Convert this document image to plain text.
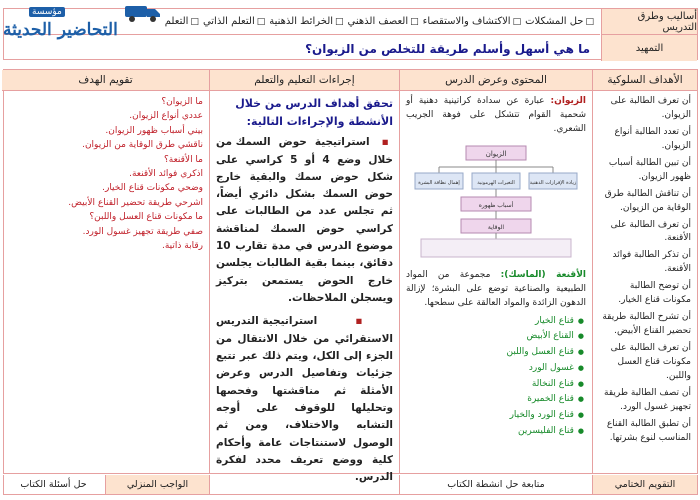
أساليب وطرق التدريس
□ حل المشكلات
□ الاكتشاف والاستقصاء
□ العصف الذهني
□ الخرائط الذهنية
□ التعلم الذاتي
□ التعلم
التمهيد
ما هي أسهل وأسلم طريقة للتخلص من الزيوان؟
مؤسسة
التحاضير الحديثة
الأهداف السلوكية
أن تعرف الطالبة على الزيوان.
أن تعدد الطالبة أنواع الزيوان.
أن تبين الطالبة أسباب ظهور الزيوان.
أن تناقش الطالبة طرق الوقاية من الزيوان.
أن تعرف الطالبة على الأقنعة.
أن تذكر الطالبة فوائد الأقنعة.
أن توضح الطالبة مكونات قناع الخيار.
أن تشرح الطالبة طريقة تحضير القناع الأبيض.
أن تعرف الطالبة على مكونات قناع العسل واللبن.
أن تصف الطالبة طريقة تجهيز غسول الورد.
أن تطبق الطالبة القناع المناسب لنوع بشرتها.
المحتوى وعرض الدرس

الزيوان: عبارة عن سدادة كراتينية دهنية أو شحمية القوام تتشكل على فوهة الجريب الشعري.

الزيوان
إهمال نظافة البشرة	التغيرات الهرمونية	زيادة الإفرازات الدهنية
أسباب ظهوره
الوقاية

الأقنعة (الماسك): مجموعة من المواد الطبيعية والصناعية توضع على البشرة؛ لإزالة الدهون الزائدة والمواد العالقة على سطحها.

● قناع الخيار
● القناع الأبيض
● قناع العسل واللبن
● غسول الورد
● قناع النخالة
● قناع الخميرة
● قناع الورد والخيار
● قناع الفليسرين
إجراءات التعليم والتعلم
تحقق أهداف الدرس من خلال الأنشطة والإجراءات التالية:
▪ استراتيجية حوض السمك من خلال وضع 4 أو 5 كراسي على شكل حوض سمك والبقية خارج حوض السمك بشكل دائري أيضاً، ثم تجلس عدد من الطالبات على كراسي حوض السمك لمناقشة موضوع الدرس في مدة تقارب 10 دقائق، بينما بقية الطالبات يجلسن خارج الحوض يستمعن بتركيز ويسجلن الملاحظات.
▪ استراتيجية التدريس الاستقرائي من خلال الانتقال من الجزء إلى الكل، ويتم ذلك عبر تتبع جزئيات وتفاصيل الدرس وعرض الأمثلة ثم مناقشتها وفحصها وتحليلها للوقوف على أوجه التشابه والاختلاف، ومن ثم الوصول لاستنتاجات عامة وأحكام كلية ووضع تعريف محدد لفكرة الدرس.
تقويم الهدف

ما الزيوان؟

عددي أنواع الزيوان.

بيني أسباب ظهور الزيوان.

ناقشي طرق الوقاية من الزيوان.

ما الأقنعة؟

اذكري فوائد الأقنعة.

وضحي مكونات قناع الخيار.

اشرحي طريقة تحضير القناع الأبيض.

ما مكونات قناع العسل واللبن؟

صفي طريقة تجهيز غسول الورد.

رقابة ذاتية.

التقويم الختامي
متابعة حل انشطة الكتاب
الواجب المنزلي
حل أسئلة الكتاب
